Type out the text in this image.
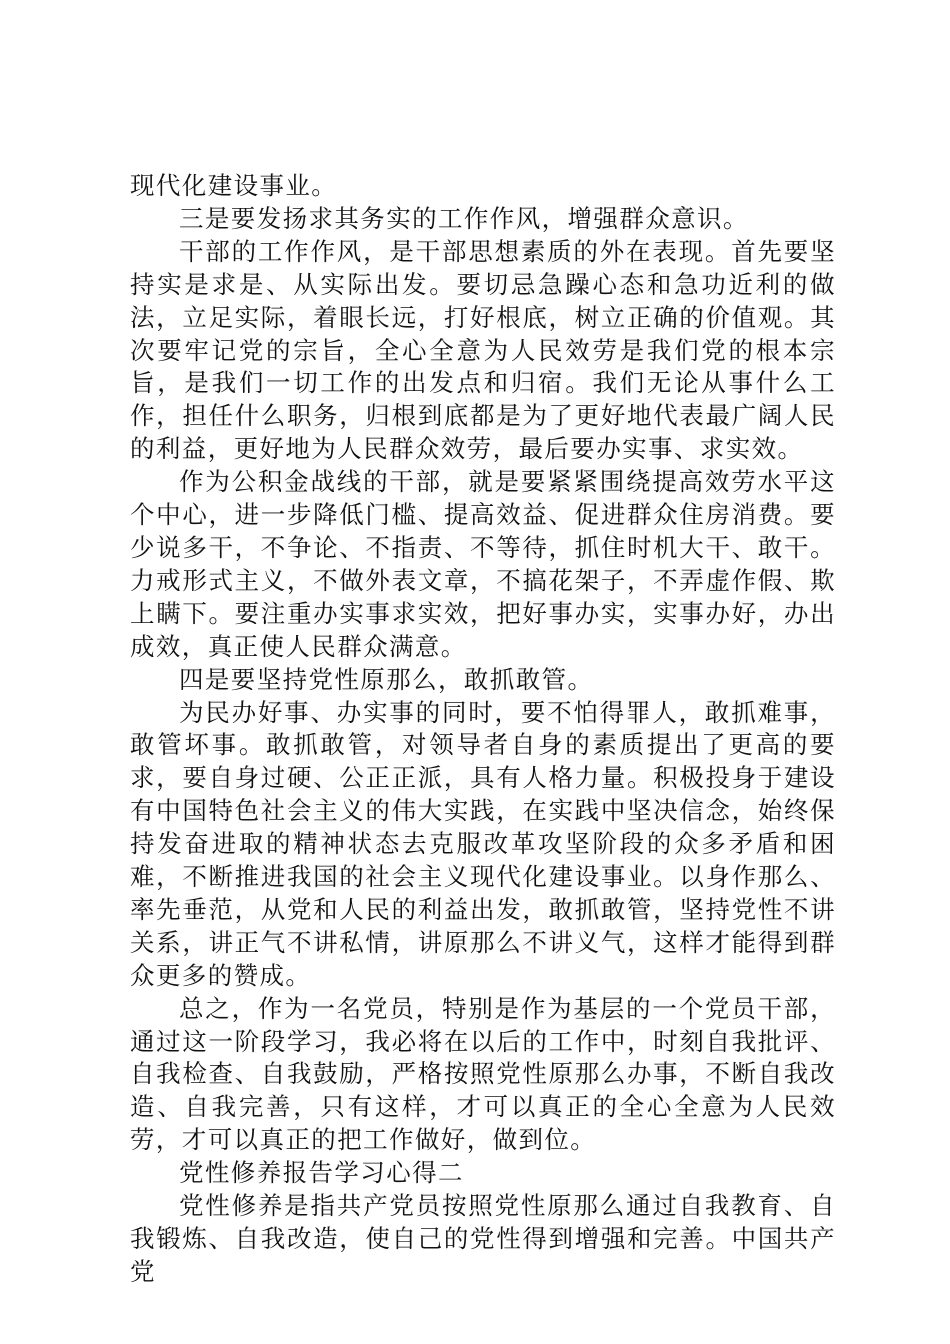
现代化建设事业。

三是要发扬求其务实的工作作风，增强群众意识。

干部的工作作风，是干部思想素质的外在表现。首先要坚持实是求是、从实际出发。要切忌急躁心态和急功近利的做法，立足实际，着眼长远，打好根底，树立正确的价值观。其次要牢记党的宗旨，全心全意为人民效劳是我们党的根本宗旨，是我们一切工作的出发点和归宿。我们无论从事什么工作，担任什么职务，归根到底都是为了更好地代表最广阔人民的利益，更好地为人民群众效劳，最后要办实事、求实效。

作为公积金战线的干部，就是要紧紧围绕提高效劳水平这个中心，进一步降低门槛、提高效益、促进群众住房消费。要少说多干，不争论、不指责、不等待，抓住时机大干、敢干。力戒形式主义，不做外表文章，不搞花架子，不弄虚作假、欺上瞒下。要注重办实事求实效，把好事办实，实事办好，办出成效，真正使人民群众满意。

四是要坚持党性原那么，敢抓敢管。

为民办好事、办实事的同时，要不怕得罪人，敢抓难事，敢管坏事。敢抓敢管，对领导者自身的素质提出了更高的要求，要自身过硬、公正正派，具有人格力量。积极投身于建设有中国特色社会主义的伟大实践，在实践中坚决信念，始终保持发奋进取的精神状态去克服改革攻坚阶段的众多矛盾和困难，不断推进我国的社会主义现代化建设事业。以身作那么、率先垂范，从党和人民的利益出发，敢抓敢管，坚持党性不讲关系，讲正气不讲私情，讲原那么不讲义气，这样才能得到群众更多的赞成。

总之，作为一名党员，特别是作为基层的一个党员干部，通过这一阶段学习，我必将在以后的工作中，时刻自我批评、自我检查、自我鼓励，严格按照党性原那么办事，不断自我改造、自我完善，只有这样，才可以真正的全心全意为人民效劳，才可以真正的把工作做好，做到位。

党性修养报告学习心得二

党性修养是指共产党员按照党性原那么通过自我教育、自我锻炼、自我改造，使自己的党性得到增强和完善。中国共产党
